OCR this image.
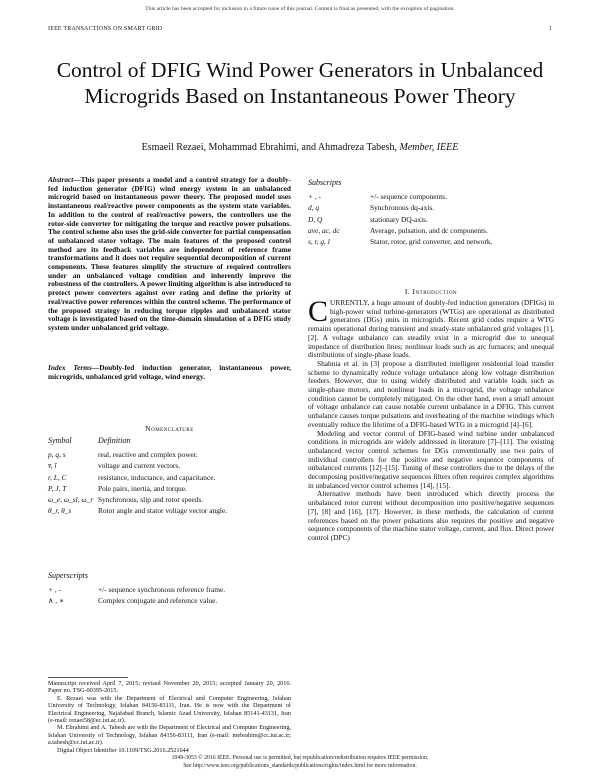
This article has been accepted for inclusion in a future issue of this journal. Content is final as presented, with the exception of pagination.
IEEE TRANSACTIONS ON SMART GRID	1
Control of DFIG Wind Power Generators in Unbalanced Microgrids Based on Instantaneous Power Theory
Esmaeil Rezaei, Mohammad Ebrahimi, and Ahmadreza Tabesh, Member, IEEE
Abstract—This paper presents a model and a control strategy for a doubly-fed induction generator (DFIG) wind energy system in an unbalanced microgrid based on instantaneous power theory. The proposed model uses instantaneous real/reactive power components as the system state variables. In addition to the control of real/reactive powers, the controllers use the rotor-side converter for mitigating the torque and reactive power pulsations. The control scheme also uses the grid-side converter for partial compensation of unbalanced stator voltage. The main features of the proposed control method are its feedback variables are independent of reference frame transformations and it does not require sequential decomposition of current components. These features simplify the structure of required controllers under an unbalanced voltage condition and inherently improve the robustness of the controllers. A power limiting algorithm is also introduced to protect power converters against over rating and define the priority of real/reactive power references within the control scheme. The performance of the proposed strategy in reducing torque ripples and unbalanced stator voltage is investigated based on the time-domain simulation of a DFIG study system under unbalanced grid voltage.
Index Terms—Doubly-fed induction generator, instantaneous power, microgrids, unbalanced grid voltage, wind energy.
Nomenclature
Symbol	Definition
p, q, s	real, reactive and complex power.
v̄, ī	voltage and current vectors.
r, L, C	resistance, inductance, and capacitance.
P, J, T	Pole pairs, inertia, and torque.
ω_e, ω_sl, ω_r Synchronous, slip and rotor speeds.
θ_r, θ_s	Rotor angle and stator voltage vector angle.
Superscripts
+ , -	+/- sequence synchronous reference frame.
∧ , ∗	Complex conjugate and reference value.

Manuscript received April 7, 2015; revised November 20, 2015; accepted January 20, 2016. Paper no. TSG-00395-2015.

E. Rezaei was with the Department of Electrical and Computer Engineering, Isfahan University of Technology, Isfahan 84156-83111, Iran. He is now with the Department of Electrical Engineering, Najafabad Branch, Islamic Azad University, Isfahan 85141-43131, Iran (e-mail: rezaei58@ec.iut.ac.ir).

M. Ebrahimi and A. Tabesh are with the Department of Electrical and Computer Engineering, Isfahan University of Technology, Isfahan 84156-83111, Iran (e-mail: mebrahim@cc.iut.ac.ir; a.tabesh@cc.iut.ac.ir).

Digital Object Identifier 10.1109/TSG.2016.2521644

Subscripts
+ , -	+/- sequence components.
d, q	Synchronous dq-axis.
D, Q	stationary DQ-axis.
ave, ac, dc	Average, pulsation, and dc components.
s, r, g, l	Stator, rotor, grid converter, and network.
I. Introduction

CURRENTLY, a huge amount of doubly-fed induction generators (DFIGs) in high-power wind turbine-generators (WTGs) are operational as distributed generators (DGs) units in microgrids. Recent grid codes require a WTG remains operational during transient and steady-state unbalanced grid voltages [1], [2]. A voltage unbalance can steadily exist in a microgrid due to unequal impedance of distribution lines; nonlinear loads such as arc furnaces; and unequal distributions of single-phase loads.

Shahnia et al. in [3] propose a distributed intelligent residential load transfer scheme to dynamically reduce voltage unbalance along low voltage distribution feeders. However, due to using widely distributed and variable loads such as single-phase motors, and nonlinear loads in a microgrid, the voltage unbalance condition cannot be completely mitigated. On the other hand, even a small amount of voltage unbalance can cause notable current unbalance in a DFIG. This current unbalance causes torque pulsations and overheating of the machine windings which eventually reduce the lifetime of a DFIG-based WTG in a microgrid [4]–[6].

Modeling and vector control of DFIG-based wind turbine under unbalanced conditions in microgrids are widely addressed in literature [7]–[11]. The existing unbalanced vector control schemes for DGs conventionally use two pairs of individual controllers for the positive and negative sequence components of unbalanced currents [12]–[15]. Tuning of these controllers due to the delays of the decomposing positive/negative sequences filters often requires complex algorithms in unbalanced vector control schemes [14], [15].

Alternative methods have been introduced which directly process the unbalanced rotor current without decomposition into positive/negative sequences [7], [8] and [16], [17]. However, in these methods, the calculation of current references based on the power pulsations also requires the positive and negative sequence components of the machine stator voltage, current, and flux. Direct power control (DPC)

1949-3053 © 2016 IEEE. Personal use is permitted, but republication/redistribution requires IEEE permission.
See http://www.ieee.org/publications_standards/publications/rights/index.html for more information.
